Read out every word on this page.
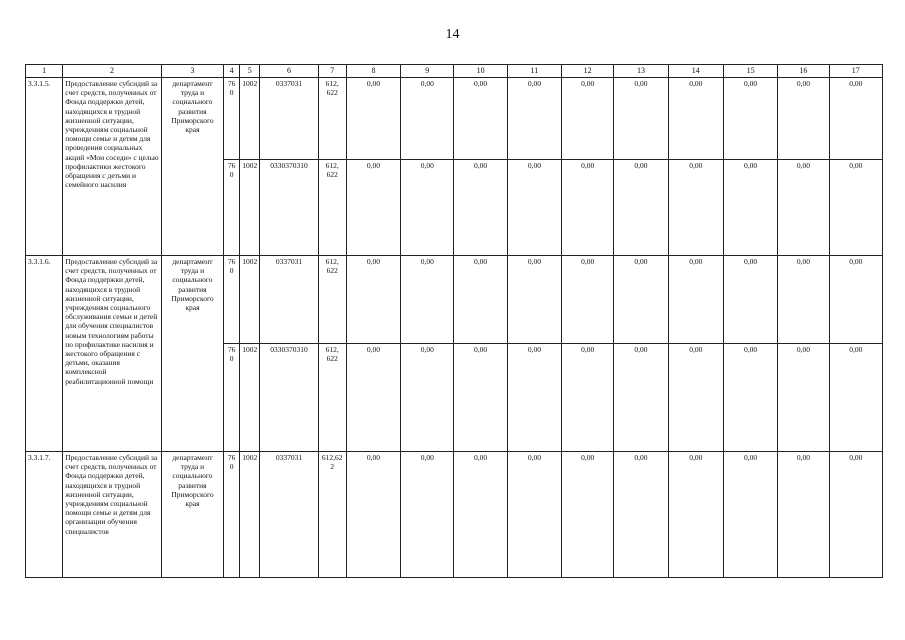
14
1	2	3	4	5	6	7	8	9	10	11	12	13	14	15	16	17
3.3.1.5.	Предоставление субсидий за счет средств, полученных от Фонда поддержки детей, находящихся в трудной жизненной ситуации, учреждениям социальной помощи семье и детям для проведения социальных акций «Мои соседи» с целью профилактики жестокого обращения с детьми и семейного насилия	департамент труда и социального развития Приморского края	760	1002	0337031	612, 622	0,00	0,00	0,00	0,00	0,00	0,00	0,00	0,00	0,00	0,00
			760	1002	0330370310	612, 622	0,00	0,00	0,00	0,00	0,00	0,00	0,00	0,00	0,00	0,00
3.3.1.6.	Предоставление субсидий за счет средств, полученных от Фонда поддержки детей, находящихся в трудной жизненной ситуации, учреждениям социального обслуживания семьи и детей для обучения специалистов новым технологиям работы по профилактике насилия и жестокого обращения с детьми, оказания комплексной реабилитационной помощи	департамент труда и социального развития Приморского края	760	1002	0337031	612, 622	0,00	0,00	0,00	0,00	0,00	0,00	0,00	0,00	0,00	0,00
			760	1002	0330370310	612, 622	0,00	0,00	0,00	0,00	0,00	0,00	0,00	0,00	0,00	0,00
3.3.1.7.	Предоставление субсидий за счет средств, полученных от Фонда поддержки детей, находящихся в трудной жизненной ситуации, учреждениям социальной помощи семье и детям для организации обучения специалистов	департамент труда и социального развития Приморского края	760	1002	0337031	612,622	0,00	0,00	0,00	0,00	0,00	0,00	0,00	0,00	0,00	0,00
